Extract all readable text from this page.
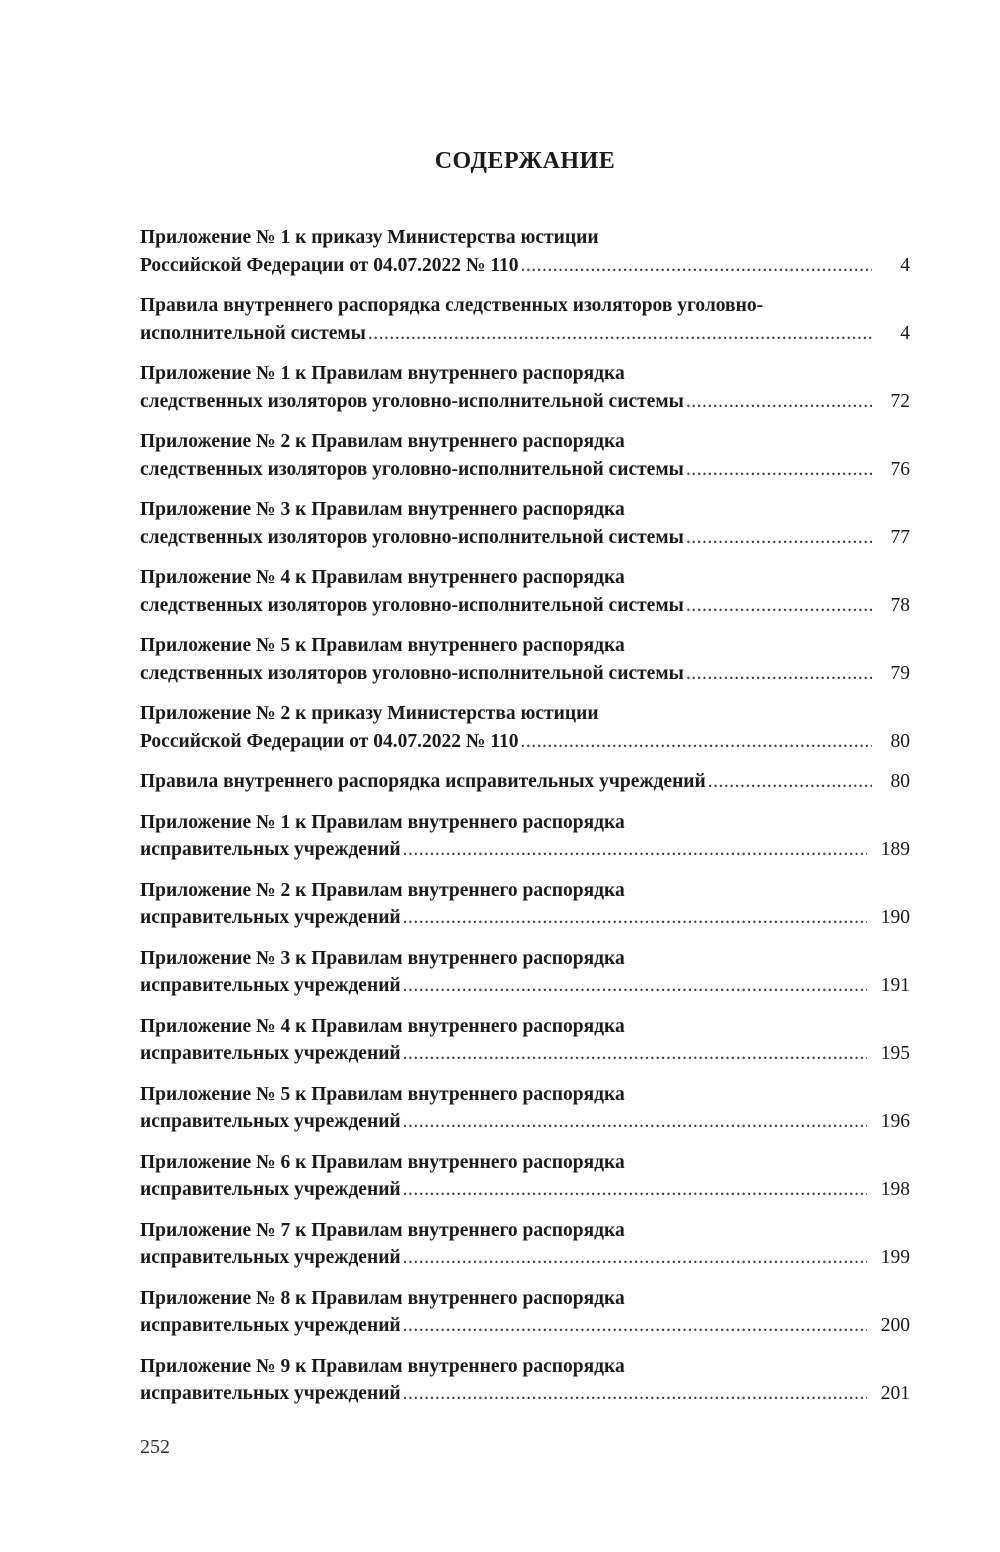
СОДЕРЖАНИЕ
Приложение № 1 к приказу Министерства юстиции
Российской Федерации от 04.07.2022 № 110 .....	4
Правила внутреннего распорядка следственных изоляторов уголовно-
исполнительной системы .....	4
Приложение № 1 к Правилам внутреннего распорядка
следственных изоляторов уголовно-исполнительной системы .....	72
Приложение № 2 к Правилам внутреннего распорядка
следственных изоляторов уголовно-исполнительной системы .....	76
Приложение № 3 к Правилам внутреннего распорядка
следственных изоляторов уголовно-исполнительной системы .....	77
Приложение № 4 к Правилам внутреннего распорядка
следственных изоляторов уголовно-исполнительной системы .....	78
Приложение № 5 к Правилам внутреннего распорядка
следственных изоляторов уголовно-исполнительной системы .....	79
Приложение № 2 к приказу Министерства юстиции
Российской Федерации от 04.07.2022 № 110 .....	80
Правила внутреннего распорядка исправительных учреждений .....	80
Приложение № 1 к Правилам внутреннего распорядка
исправительных учреждений .....	189
Приложение № 2 к Правилам внутреннего распорядка
исправительных учреждений .....	190
Приложение № 3 к Правилам внутреннего распорядка
исправительных учреждений .....	191
Приложение № 4 к Правилам внутреннего распорядка
исправительных учреждений .....	195
Приложение № 5 к Правилам внутреннего распорядка
исправительных учреждений .....	196
Приложение № 6 к Правилам внутреннего распорядка
исправительных учреждений .....	198
Приложение № 7 к Правилам внутреннего распорядка
исправительных учреждений .....	199
Приложение № 8 к Правилам внутреннего распорядка
исправительных учреждений .....	200
Приложение № 9 к Правилам внутреннего распорядка
исправительных учреждений .....	201

252
